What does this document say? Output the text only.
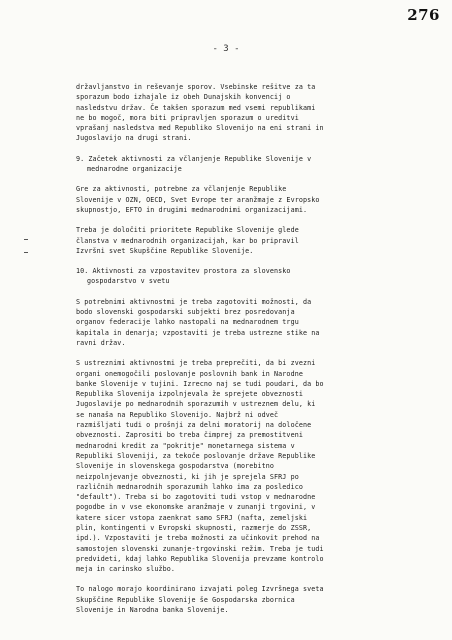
276
- 3 -
državljanstvo in reševanje sporov. Vsebinske rešitve za ta
sporazum bodo izhajale iz obeh Dunajskih konvencij o
nasledstvu držav. Če takšen sporazum med vsemi republikami
ne bo mogoč, mora biti pripravljen sporazum o ureditvi
vprašanj nasledstva med Republiko Slovenijo na eni strani in
Jugoslavijo na drugi strani.
9. Začetek aktivnosti za včlanjenje Republike Slovenije v
mednarodne organizacije
Gre za aktivnosti, potrebne za včlanjenje Republike
Slovenije v OZN, OECD, Svet Evrope ter aranžmaje z Evropsko
skupnostjo, EFTO in drugimi mednarodnimi organizacijami.
Treba je določiti prioritete Republike Slovenije glede
članstva v mednarodnih organizacijah, kar bo pripravil
Izvršni svet Skupščine Republike Slovenije.
10. Aktivnosti za vzpostavitev prostora za slovensko
gospodarstvo v svetu
S potrebnimi aktivnostmi je treba zagotoviti možnosti, da
bodo slovenski gospodarski subjekti brez posredovanja
organov federacije lahko nastopali na mednarodnem trgu
kapitala in denarja; vzpostaviti je treba ustrezne stike na
ravni držav.
S ustreznimi aktivnostmi je treba preprečiti, da bi zvezni
organi onemogočili poslovanje poslovnih bank in Narodne
banke Slovenije v tujini. Izrecno naj se tudi poudari, da bo
Republika Slovenija izpolnjevala že sprejete obveznosti
Jugoslavije po mednarodnih sporazumih v ustreznem delu, ki
se nanaša na Republiko Slovenijo. Najbrž ni odveč
razmišljati tudi o prošnji za delni moratorij na določene
obveznosti. Zaprositi bo treba čimprej za premostitveni
mednarodni kredit za "pokritje" monetarnega sistema v
Republiki Sloveniji, za tekoče poslovanje države Republike
Slovenije in slovenskega gospodarstva (morebitno
neizpolnjevanje obveznosti, ki jih je sprejela SFRJ po
različnih mednarodnih sporazumih lahko ima za posledico
"default"). Treba si bo zagotoviti tudi vstop v mednarodne
pogodbe in v vse ekonomske aranžmaje v zunanji trgovini, v
katere sicer vstopa zaenkrat samo SFRJ (nafta, zemeljski
plin, kontingenti v Evropski skupnosti, razmerje do ZSSR,
ipd.). Vzpostaviti je treba možnosti za učinkovit prehod na
samostojen slovenski zunanje-trgovinski režim. Treba je tudi
predvideti, kdaj lahko Republika Slovenija prevzame kontrolo
meja in carinsko službo.
To nalogo morajo koordinirano izvajati poleg Izvršnega sveta
Skupščine Republike Slovenije še Gospodarska zbornica
Slovenije in Narodna banka Slovenije.
